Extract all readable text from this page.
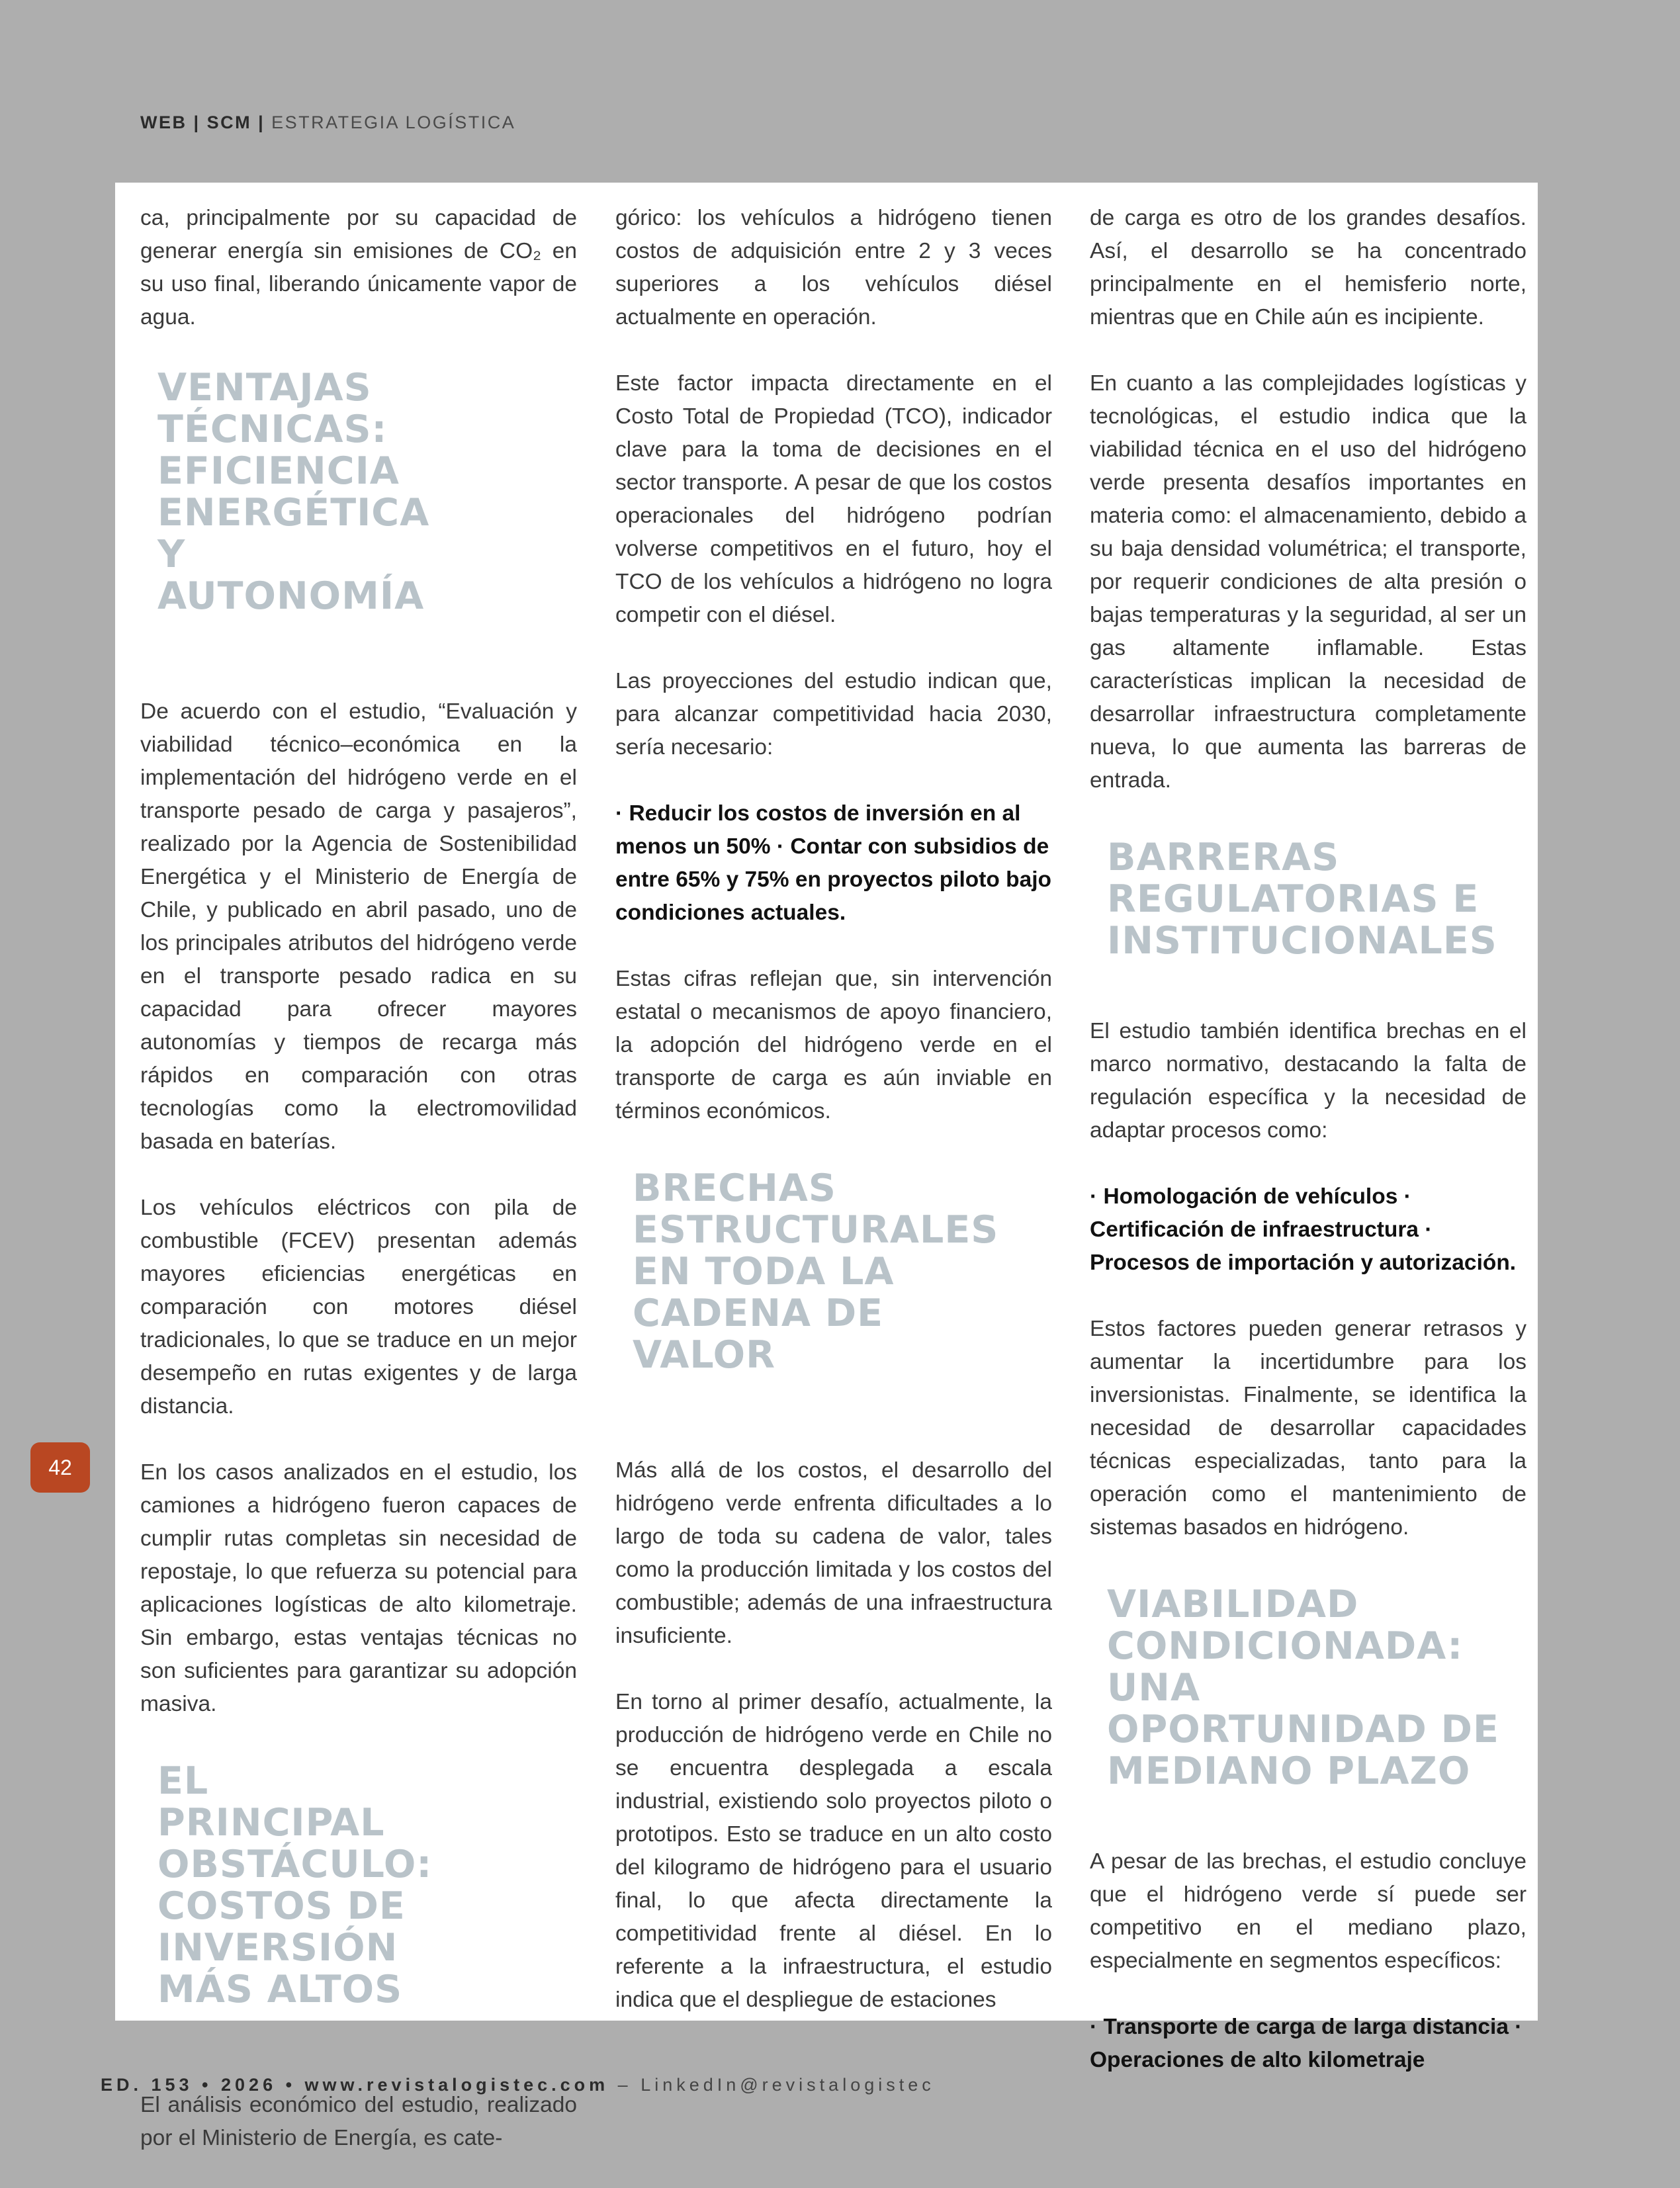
WEB | SCM | ESTRATEGIA LOGÍSTICA

ca, principalmente por su capacidad de generar energía sin emisiones de CO₂ en su uso final, liberando únicamente vapor de agua.

VENTAJAS TÉCNICAS: EFICIENCIA ENERGÉTICA Y AUTONOMÍA

De acuerdo con el estudio, “Evaluación y viabilidad técnico–económica en la implementación del hidrógeno verde en el transporte pesado de carga y pasajeros”, realizado por la Agencia de Sostenibilidad Energética y el Ministerio de Energía de Chile, y publicado en abril pasado, uno de los principales atributos del hidrógeno verde en el transporte pesado radica en su capacidad para ofrecer mayores autonomías y tiempos de recarga más rápidos en comparación con otras tecnologías como la electromovilidad basada en baterías.

Los vehículos eléctricos con pila de combustible (FCEV) presentan además mayores eficiencias energéticas en comparación con motores diésel tradicionales, lo que se traduce en un mejor desempeño en rutas exigentes y de larga distancia.

En los casos analizados en el estudio, los camiones a hidrógeno fueron capaces de cumplir rutas completas sin necesidad de repostaje, lo que refuerza su potencial para aplicaciones logísticas de alto kilometraje. Sin embargo, estas ventajas técnicas no son suficientes para garantizar su adopción masiva.

EL PRINCIPAL OBSTÁCULO: COSTOS DE INVERSIÓN MÁS ALTOS

El análisis económico del estudio, realizado por el Ministerio de Energía, es cate-

górico: los vehículos a hidrógeno tienen costos de adquisición entre 2 y 3 veces superiores a los vehículos diésel actualmente en operación.

Este factor impacta directamente en el Costo Total de Propiedad (TCO), indicador clave para la toma de decisiones en el sector transporte. A pesar de que los costos operacionales del hidrógeno podrían volverse competitivos en el futuro, hoy el TCO de los vehículos a hidrógeno no logra competir con el diésel.

Las proyecciones del estudio indican que, para alcanzar competitividad hacia 2030, sería necesario:

· Reducir los costos de inversión en al menos un 50% · Contar con subsidios de entre 65% y 75% en proyectos piloto bajo condiciones actuales.

Estas cifras reflejan que, sin intervención estatal o mecanismos de apoyo financiero, la adopción del hidrógeno verde en el transporte de carga es aún inviable en términos económicos.

BRECHAS ESTRUCTURALES EN TODA LA CADENA DE VALOR

Más allá de los costos, el desarrollo del hidrógeno verde enfrenta dificultades a lo largo de toda su cadena de valor, tales como la producción limitada y los costos del combustible; además de una infraestructura insuficiente.

En torno al primer desafío, actualmente, la producción de hidrógeno verde en Chile no se encuentra desplegada a escala industrial, existiendo solo proyectos piloto o prototipos. Esto se traduce en un alto costo del kilogramo de hidrógeno para el usuario final, lo que afecta directamente la competitividad frente al diésel. En lo referente a la infraestructura, el estudio indica que el despliegue de estaciones

de carga es otro de los grandes desafíos. Así, el desarrollo se ha concentrado principalmente en el hemisferio norte, mientras que en Chile aún es incipiente.

En cuanto a las complejidades logísticas y tecnológicas, el estudio indica que la viabilidad técnica en el uso del hidrógeno verde presenta desafíos importantes en materia como: el almacenamiento, debido a su baja densidad volumétrica; el transporte, por requerir condiciones de alta presión o bajas temperaturas y la seguridad, al ser un gas altamente inflamable. Estas características implican la necesidad de desarrollar infraestructura completamente nueva, lo que aumenta las barreras de entrada.

BARRERAS REGULATORIAS E INSTITUCIONALES

El estudio también identifica brechas en el marco normativo, destacando la falta de regulación específica y la necesidad de adaptar procesos como:

· Homologación de vehículos · Certificación de infraestructura · Procesos de importación y autorización.

Estos factores pueden generar retrasos y aumentar la incertidumbre para los inversionistas. Finalmente, se identifica la necesidad de desarrollar capacidades técnicas especializadas, tanto para la operación como el mantenimiento de sistemas basados en hidrógeno.

VIABILIDAD CONDICIONADA: UNA OPORTUNIDAD DE MEDIANO PLAZO

A pesar de las brechas, el estudio concluye que el hidrógeno verde sí puede ser competitivo en el mediano plazo, especialmente en segmentos específicos:

· Transporte de carga de larga distancia · Operaciones de alto kilometraje

42
ED. 153 • 2026 • www.revistalogistec.com – LinkedIn@revistalogistec
